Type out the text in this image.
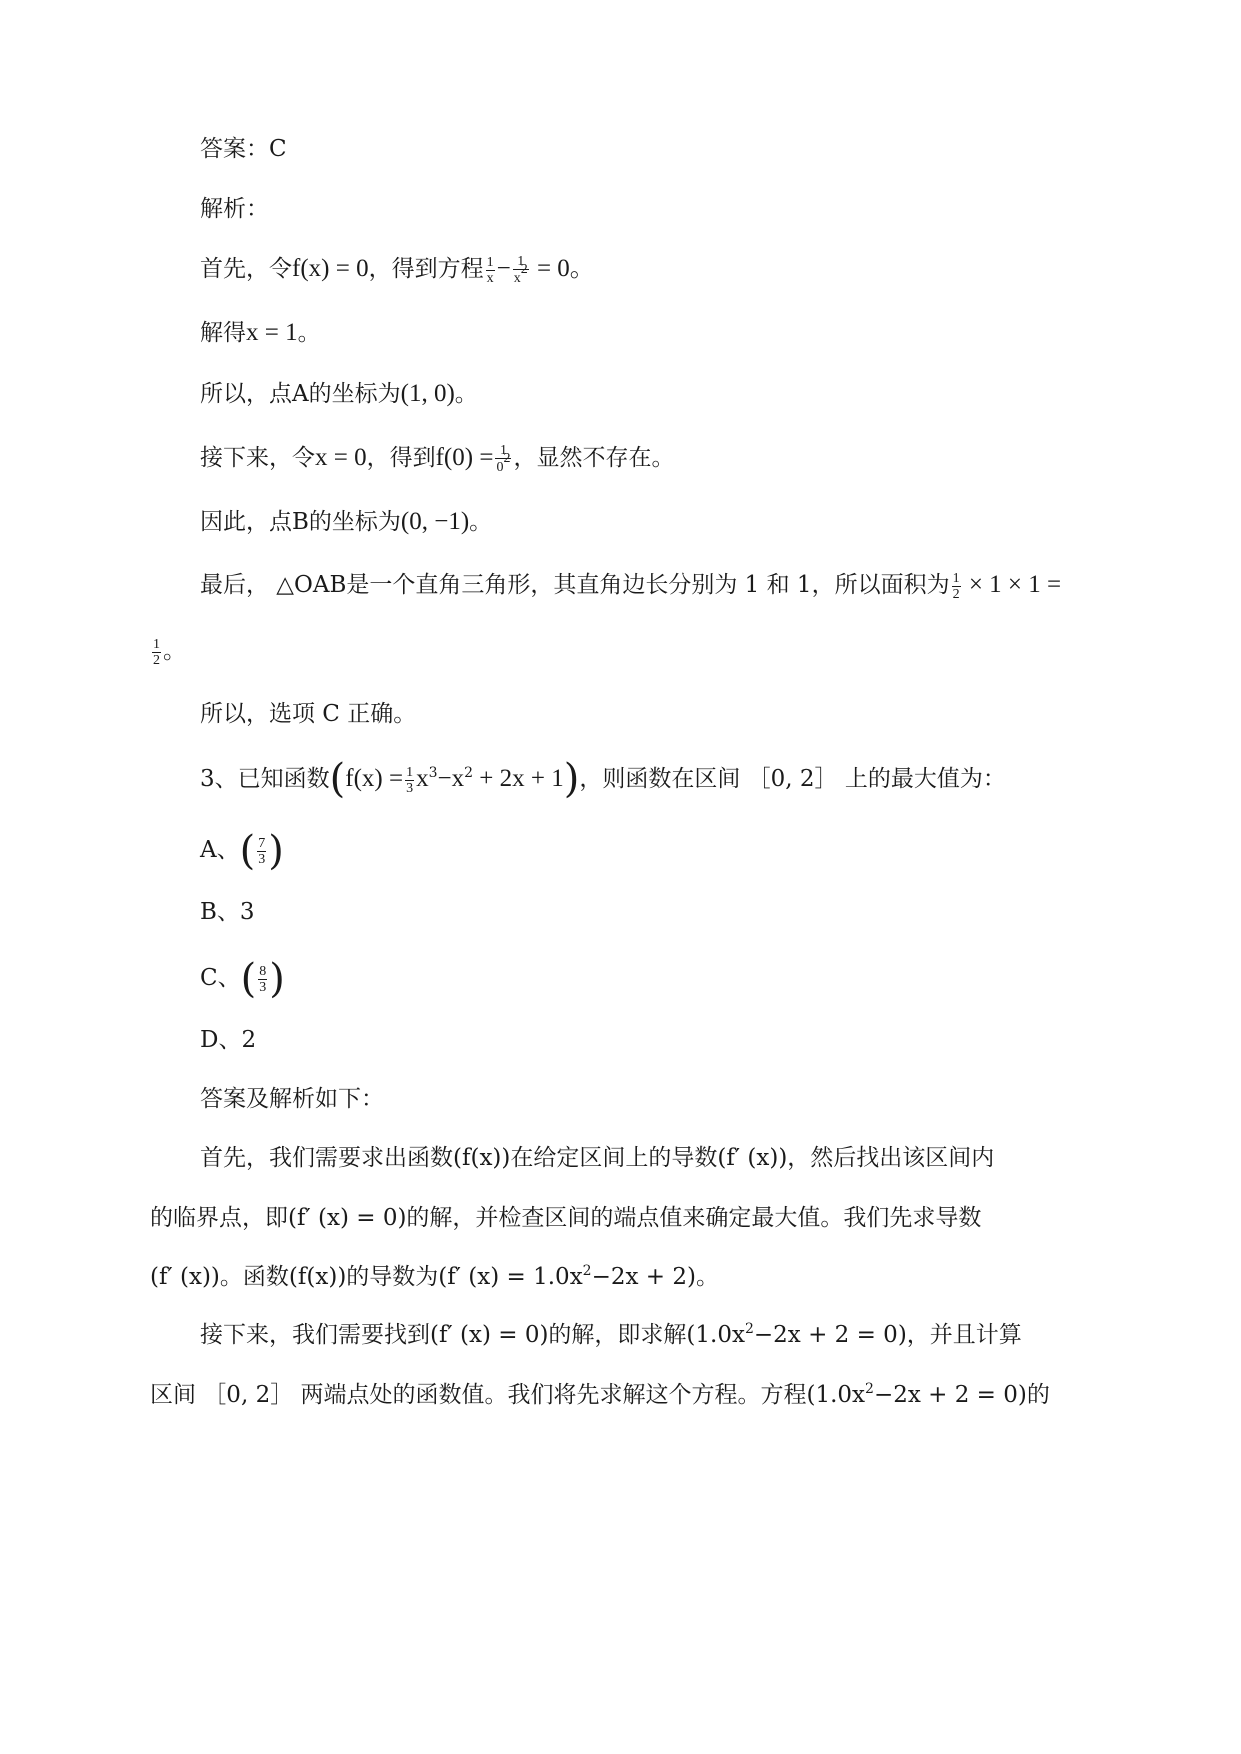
答案：C
解析：
首先，令f(x) = 0，得到方程 $\frac{1}{x} - \frac{1}{x^2} = 0$。
解得x = 1。
所以，点A的坐标为(1, 0)。
接下来，令x = 0，得到$f(0) = \frac{1}{0^2}$ ，显然不存在。
因此，点B的坐标为(0, −1)。
最后， △OAB是一个直角三角形，其直角边长分别为 1 和 1，所以面积为 $\frac{1}{2} \times 1 \times 1$ =
$\frac{1}{2}$ 。
所以，选项 C 正确。
3、已知函数$(f(x) = \frac{1}{3} x^3-x^2 + 2x + 1)$，则函数在区间 ［0, 2］ 上的最大值为：
A、 ( $\frac{7}{3}$ )
B、3
C、 ( $\frac{8}{3}$ )
D、2
答案及解析如下：
首先，我们需要求出函数(f(x))在给定区间上的导数(f′ (x))，然后找出该区间内
的临界点，即(f′ (x) = 0)的解，并检查区间的端点值来确定最大值。我们先求导数
(f′ (x))。函数(f(x))的导数为(f′ $(x) = 1.0x^2-2x + 2$)。
接下来，我们需要找到(f′ (x) = 0)的解，即求解$(1.0x^2-2x + 2 = 0)$，并且计算
区间 ［0, 2］ 两端点处的函数值。我们将先求解这个方程。方程$(1.0x^2-2x + 2 = 0)$的
